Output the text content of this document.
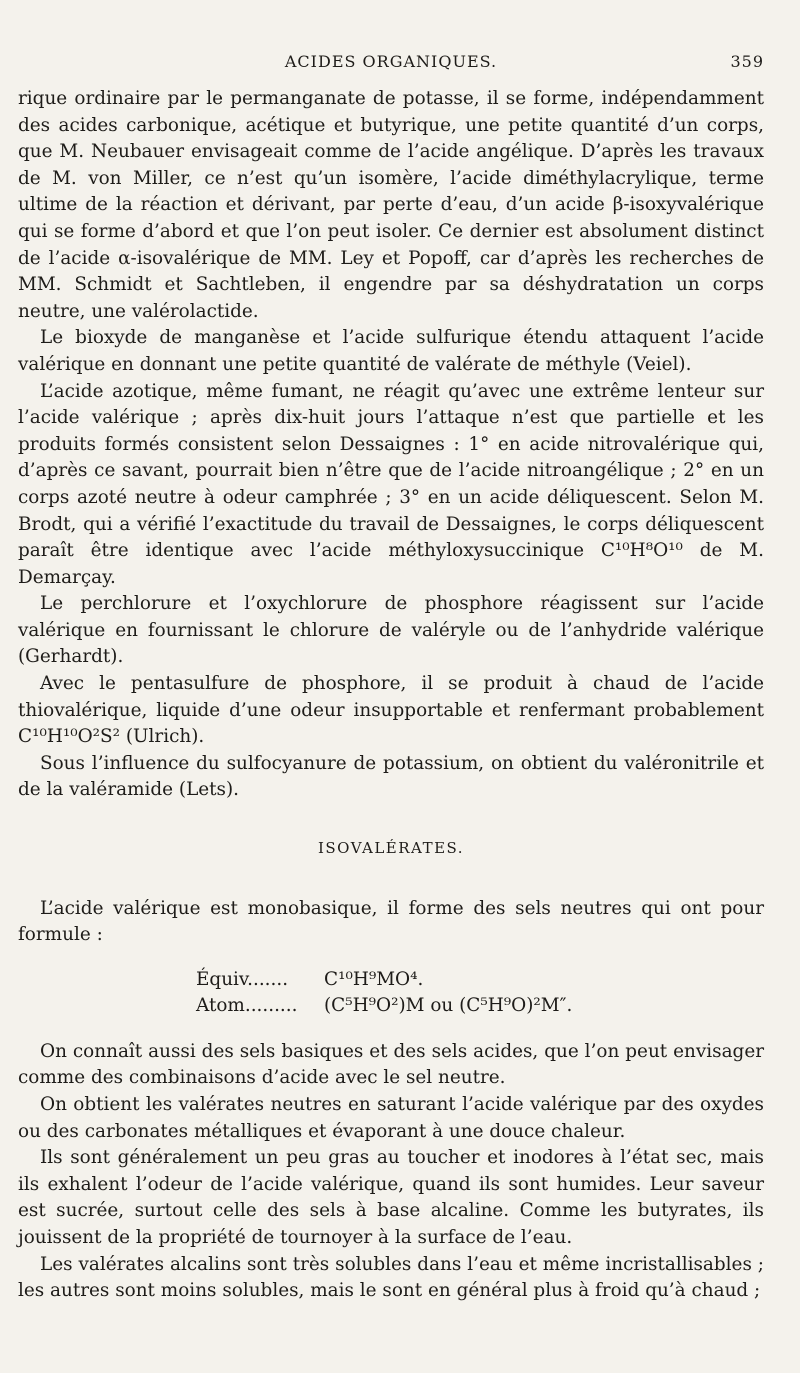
ACIDES ORGANIQUES.	359

rique ordinaire par le permanganate de potasse, il se forme, indépendamment des acides carbonique, acétique et butyrique, une petite quantité d’un corps, que M. Neubauer envisageait comme de l’acide angélique. D’après les travaux de M. von Miller, ce n’est qu’un isomère, l’acide diméthylacrylique, terme ultime de la réaction et dérivant, par perte d’eau, d’un acide β-isoxyvalérique qui se forme d’abord et que l’on peut isoler. Ce dernier est absolument distinct de l’acide α-isovalérique de MM. Ley et Popoff, car d’après les recherches de MM. Schmidt et Sachtleben, il engendre par sa déshydratation un corps neutre, une valérolactide.

Le bioxyde de manganèse et l’acide sulfurique étendu attaquent l’acide valérique en donnant une petite quantité de valérate de méthyle (Veiel).

L’acide azotique, même fumant, ne réagit qu’avec une extrême lenteur sur l’acide valérique ; après dix-huit jours l’attaque n’est que partielle et les produits formés consistent selon Dessaignes : 1° en acide nitrovalérique qui, d’après ce savant, pourrait bien n’être que de l’acide nitroangélique ; 2° en un corps azoté neutre à odeur camphrée ; 3° en un acide déliquescent. Selon M. Brodt, qui a vérifié l’exactitude du travail de Dessaignes, le corps déliquescent paraît être identique avec l’acide méthyloxysuccinique C¹⁰H⁸O¹⁰ de M. Demarçay.

Le perchlorure et l’oxychlorure de phosphore réagissent sur l’acide valérique en fournissant le chlorure de valéryle ou de l’anhydride valérique (Gerhardt).

Avec le pentasulfure de phosphore, il se produit à chaud de l’acide thiovalérique, liquide d’une odeur insupportable et renfermant probablement C¹⁰H¹⁰O²S² (Ulrich).

Sous l’influence du sulfocyanure de potassium, on obtient du valéronitrile et de la valéramide (Lets).

ISOVALÉRATES.

L’acide valérique est monobasique, il forme des sels neutres qui ont pour formule :

Équiv.......	C¹⁰H⁹MO⁴.
Atom.........	(C⁵H⁹O²)M ou (C⁵H⁹O)²M″.

On connaît aussi des sels basiques et des sels acides, que l’on peut envisager comme des combinaisons d’acide avec le sel neutre.

On obtient les valérates neutres en saturant l’acide valérique par des oxydes ou des carbonates métalliques et évaporant à une douce chaleur.

Ils sont généralement un peu gras au toucher et inodores à l’état sec, mais ils exhalent l’odeur de l’acide valérique, quand ils sont humides. Leur saveur est sucrée, surtout celle des sels à base alcaline. Comme les butyrates, ils jouissent de la propriété de tournoyer à la surface de l’eau.

Les valérates alcalins sont très solubles dans l’eau et même incristallisables ; les autres sont moins solubles, mais le sont en général plus à froid qu’à chaud ;
